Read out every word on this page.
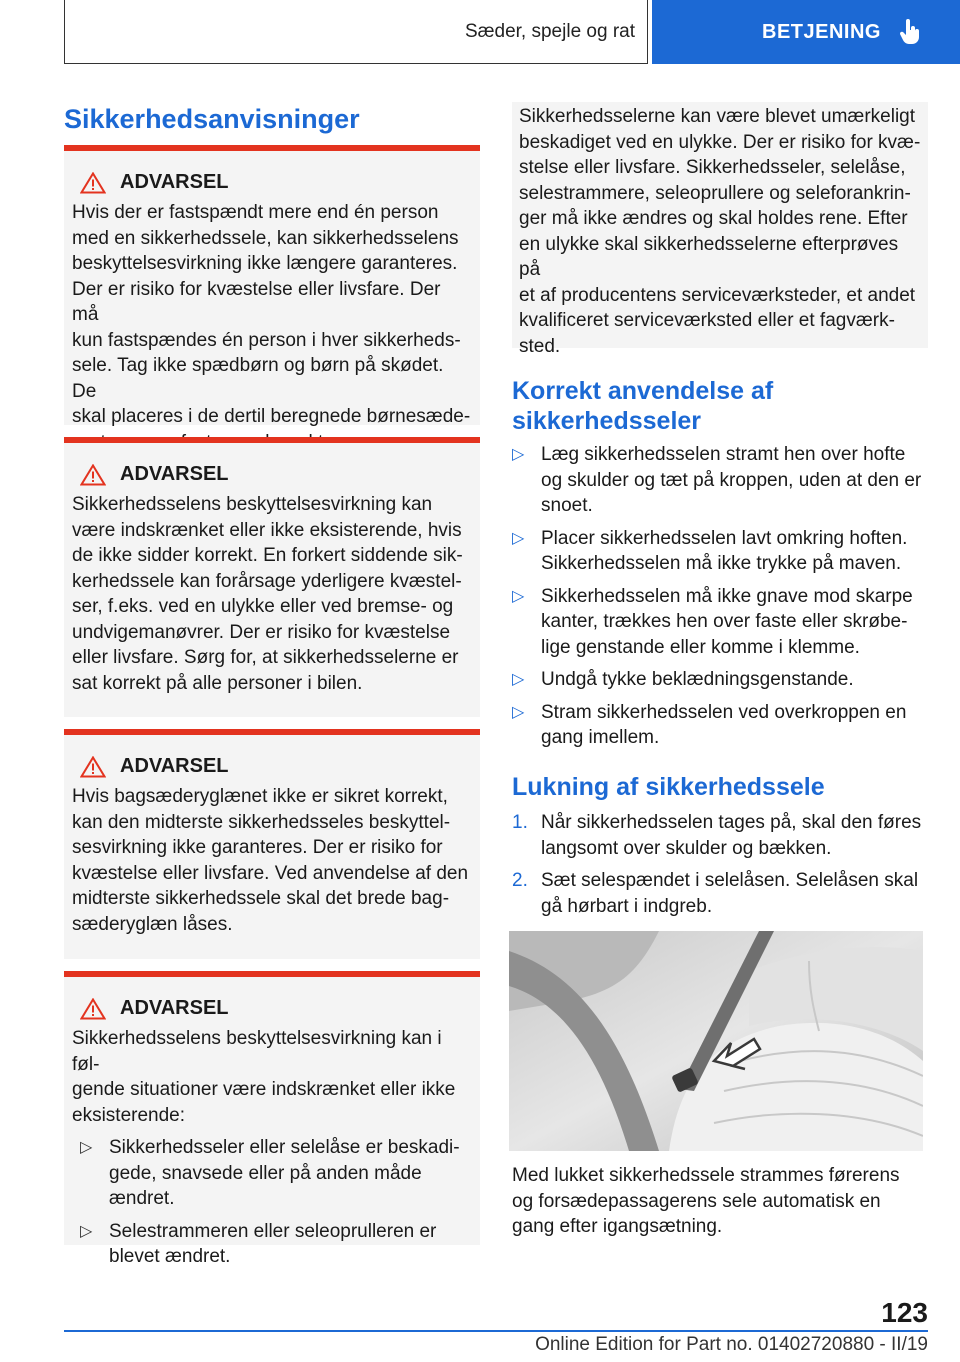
Sæder, spejle og rat	BETJENING
Sikkerhedsanvisninger
ADVARSEL
Hvis der er fastspændt mere end én person
med en sikkerhedssele, kan sikkerhedsselens
beskyttelsesvirkning ikke længere garanteres.
Der er risiko for kvæstelse eller livsfare. Der må
kun fastspændes én person i hver sikkerheds-
sele. Tag ikke spædbørn og børn på skødet. De
skal placeres i de dertil beregnede børnesæde-
ADVARSEL
Sikkerhedsselens beskyttelsesvirkning kan
være indskrænket eller ikke eksisterende, hvis
de ikke sidder korrekt. En forkert siddende sik-
kerhedssele kan forårsage yderligere kvæstel-
ser, f.eks. ved en ulykke eller ved bremse- og
undvigemanøvrer. Der er risiko for kvæstelse
eller livsfare. Sørg for, at sikkerhedsselerne er
sat korrekt på alle personer i bilen.
ADVARSEL
Hvis bagsæderyglænet ikke er sikret korrekt,
kan den midterste sikkerhedsseles beskyttel-
sesvirkning ikke garanteres. Der er risiko for
kvæstelse eller livsfare. Ved anvendelse af den
midterste sikkerhedssele skal det brede bag-
sæderyglæn låses.
ADVARSEL
Sikkerhedsselens beskyttelsesvirkning kan i føl-
gende situationer være indskrænket eller ikke
eksisterende:
▷ Sikkerhedsseler eller selelåse er beskadi-
gede, snavsede eller på anden måde
ændret.
▷ Selestrammeren eller seleoprulleren er
blevet ændret.
Sikkerhedsselerne kan være blevet umærkeligt
beskadiget ved en ulykke. Der er risiko for kvæ-
stelse eller livsfare. Sikkerhedsseler, selelåse,
selestrammere, seleoprullere og seleforankrin-
ger må ikke ændres og skal holdes rene. Efter
en ulykke skal sikkerhedsselerne efterprøves på
et af producentens serviceværksteder, et andet
kvalificeret serviceværksted eller et fagværk-
sted.
Korrekt anvendelse af
sikkerhedsseler
▷ Læg sikkerhedsselen stramt hen over hofte
og skulder og tæt på kroppen, uden at den er
snoet.
▷ Placer sikkerhedsselen lavt omkring hoften.
Sikkerhedsselen må ikke trykke på maven.
▷ Sikkerhedsselen må ikke gnave mod skarpe
kanter, trækkes hen over faste eller skrøbe-
lige genstande eller komme i klemme.
▷ Undgå tykke beklædningsgenstande.
▷ Stram sikkerhedsselen ved overkroppen en
gang imellem.
Lukning af sikkerhedssele
1. Når sikkerhedsselen tages på, skal den føres
langsomt over skulder og bækken.
2. Sæt selespændet i selelåsen. Selelåsen skal
gå hørbart i indgreb.
Med lukket sikkerhedssele strammes førerens
og forsædepassagerens sele automatisk en
gang efter igangsætning.
123
Online Edition for Part no. 01402720880 - II/19
